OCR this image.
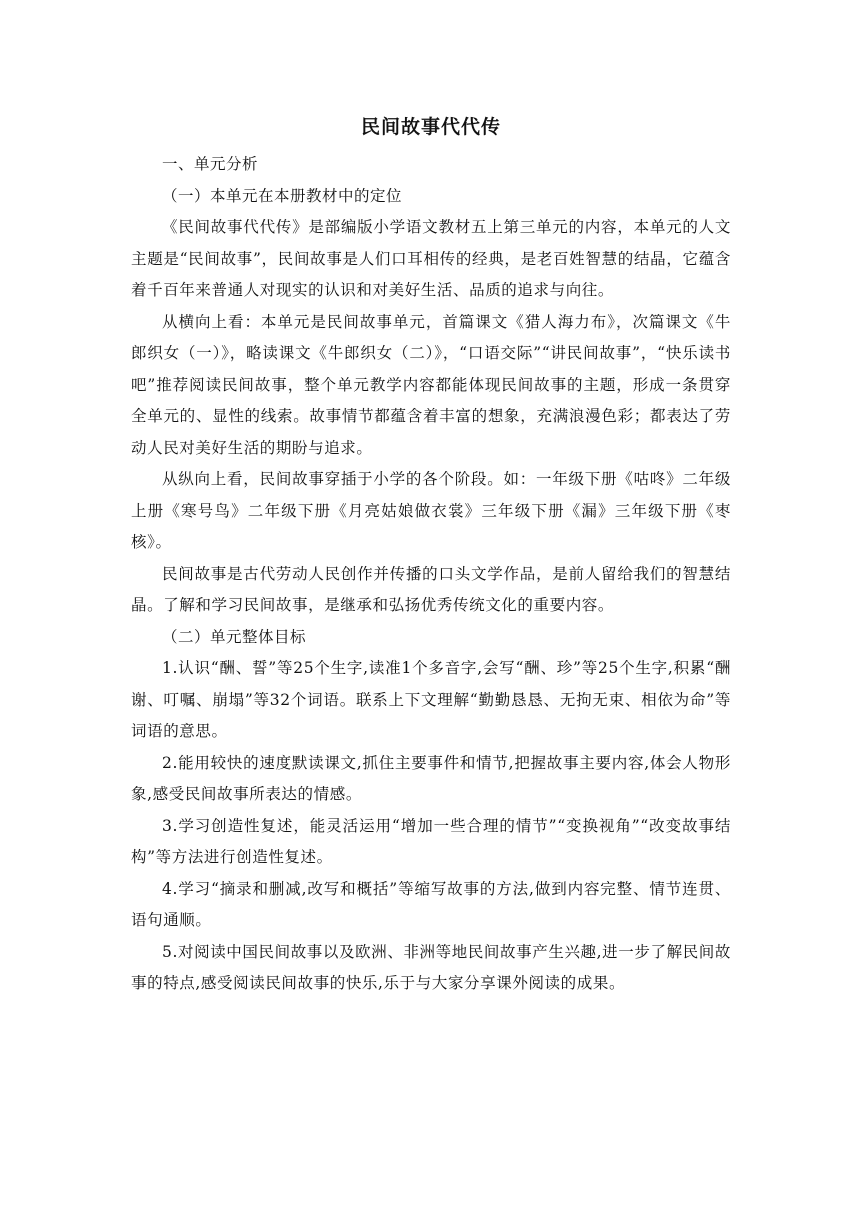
民间故事代代传

一、单元分析

（一）本单元在本册教材中的定位

《民间故事代代传》是部编版小学语文教材五上第三单元的内容，本单元的人文主题是“民间故事”，民间故事是人们口耳相传的经典，是老百姓智慧的结晶，它蕴含着千百年来普通人对现实的认识和对美好生活、品质的追求与向往。

从横向上看：本单元是民间故事单元，首篇课文《猎人海力布》，次篇课文《牛郎织女（一）》，略读课文《牛郎织女（二）》，“口语交际”“讲民间故事”，“快乐读书吧”推荐阅读民间故事，整个单元教学内容都能体现民间故事的主题，形成一条贯穿全单元的、显性的线索。故事情节都蕴含着丰富的想象，充满浪漫色彩；都表达了劳动人民对美好生活的期盼与追求。

从纵向上看，民间故事穿插于小学的各个阶段。如：一年级下册《咕咚》二年级上册《寒号鸟》二年级下册《月亮姑娘做衣裳》三年级下册《漏》三年级下册《枣核》。

民间故事是古代劳动人民创作并传播的口头文学作品，是前人留给我们的智慧结晶。了解和学习民间故事，是继承和弘扬优秀传统文化的重要内容。

（二）单元整体目标

1.认识“酬、誓”等25个生字,读准1个多音字,会写“酬、珍”等25个生字,积累“酬谢、叮嘱、崩塌”等32个词语。联系上下文理解“勤勤恳恳、无拘无束、相依为命”等词语的意思。

2.能用较快的速度默读课文,抓住主要事件和情节,把握故事主要内容,体会人物形象,感受民间故事所表达的情感。

3.学习创造性复述，能灵活运用“增加一些合理的情节”“变换视角”“改变故事结构”等方法进行创造性复述。

4.学习“摘录和删减,改写和概括”等缩写故事的方法,做到内容完整、情节连贯、语句通顺。

5.对阅读中国民间故事以及欧洲、非洲等地民间故事产生兴趣,进一步了解民间故事的特点,感受阅读民间故事的快乐,乐于与大家分享课外阅读的成果。
